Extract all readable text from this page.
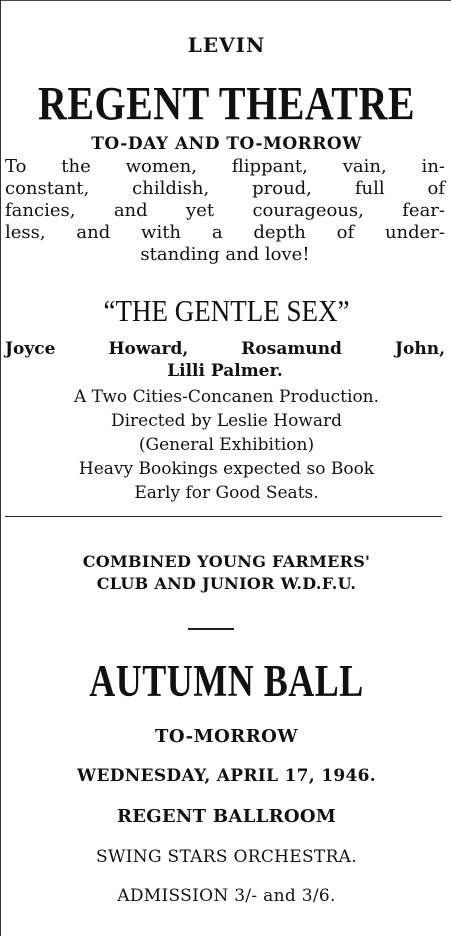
LEVIN
REGENT THEATRE
TO-DAY AND TO-MORROW
To the women, flippant, vain, in-
constant, childish, proud, full of
fancies, and yet courageous, fear-
less, and with a depth of under-
standing and love!
“THE GENTLE SEX”
Joyce Howard, Rosamund John,
Lilli Palmer.
A Two Cities-Concanen Production.
Directed by Leslie Howard
(General Exhibition)
Heavy Bookings expected so Book
Early for Good Seats.
COMBINED YOUNG FARMERS'
CLUB AND JUNIOR W.D.F.U.
AUTUMN BALL
TO-MORROW
WEDNESDAY, APRIL 17, 1946.
REGENT BALLROOM
SWING STARS ORCHESTRA.
ADMISSION 3/- and 3/6.
